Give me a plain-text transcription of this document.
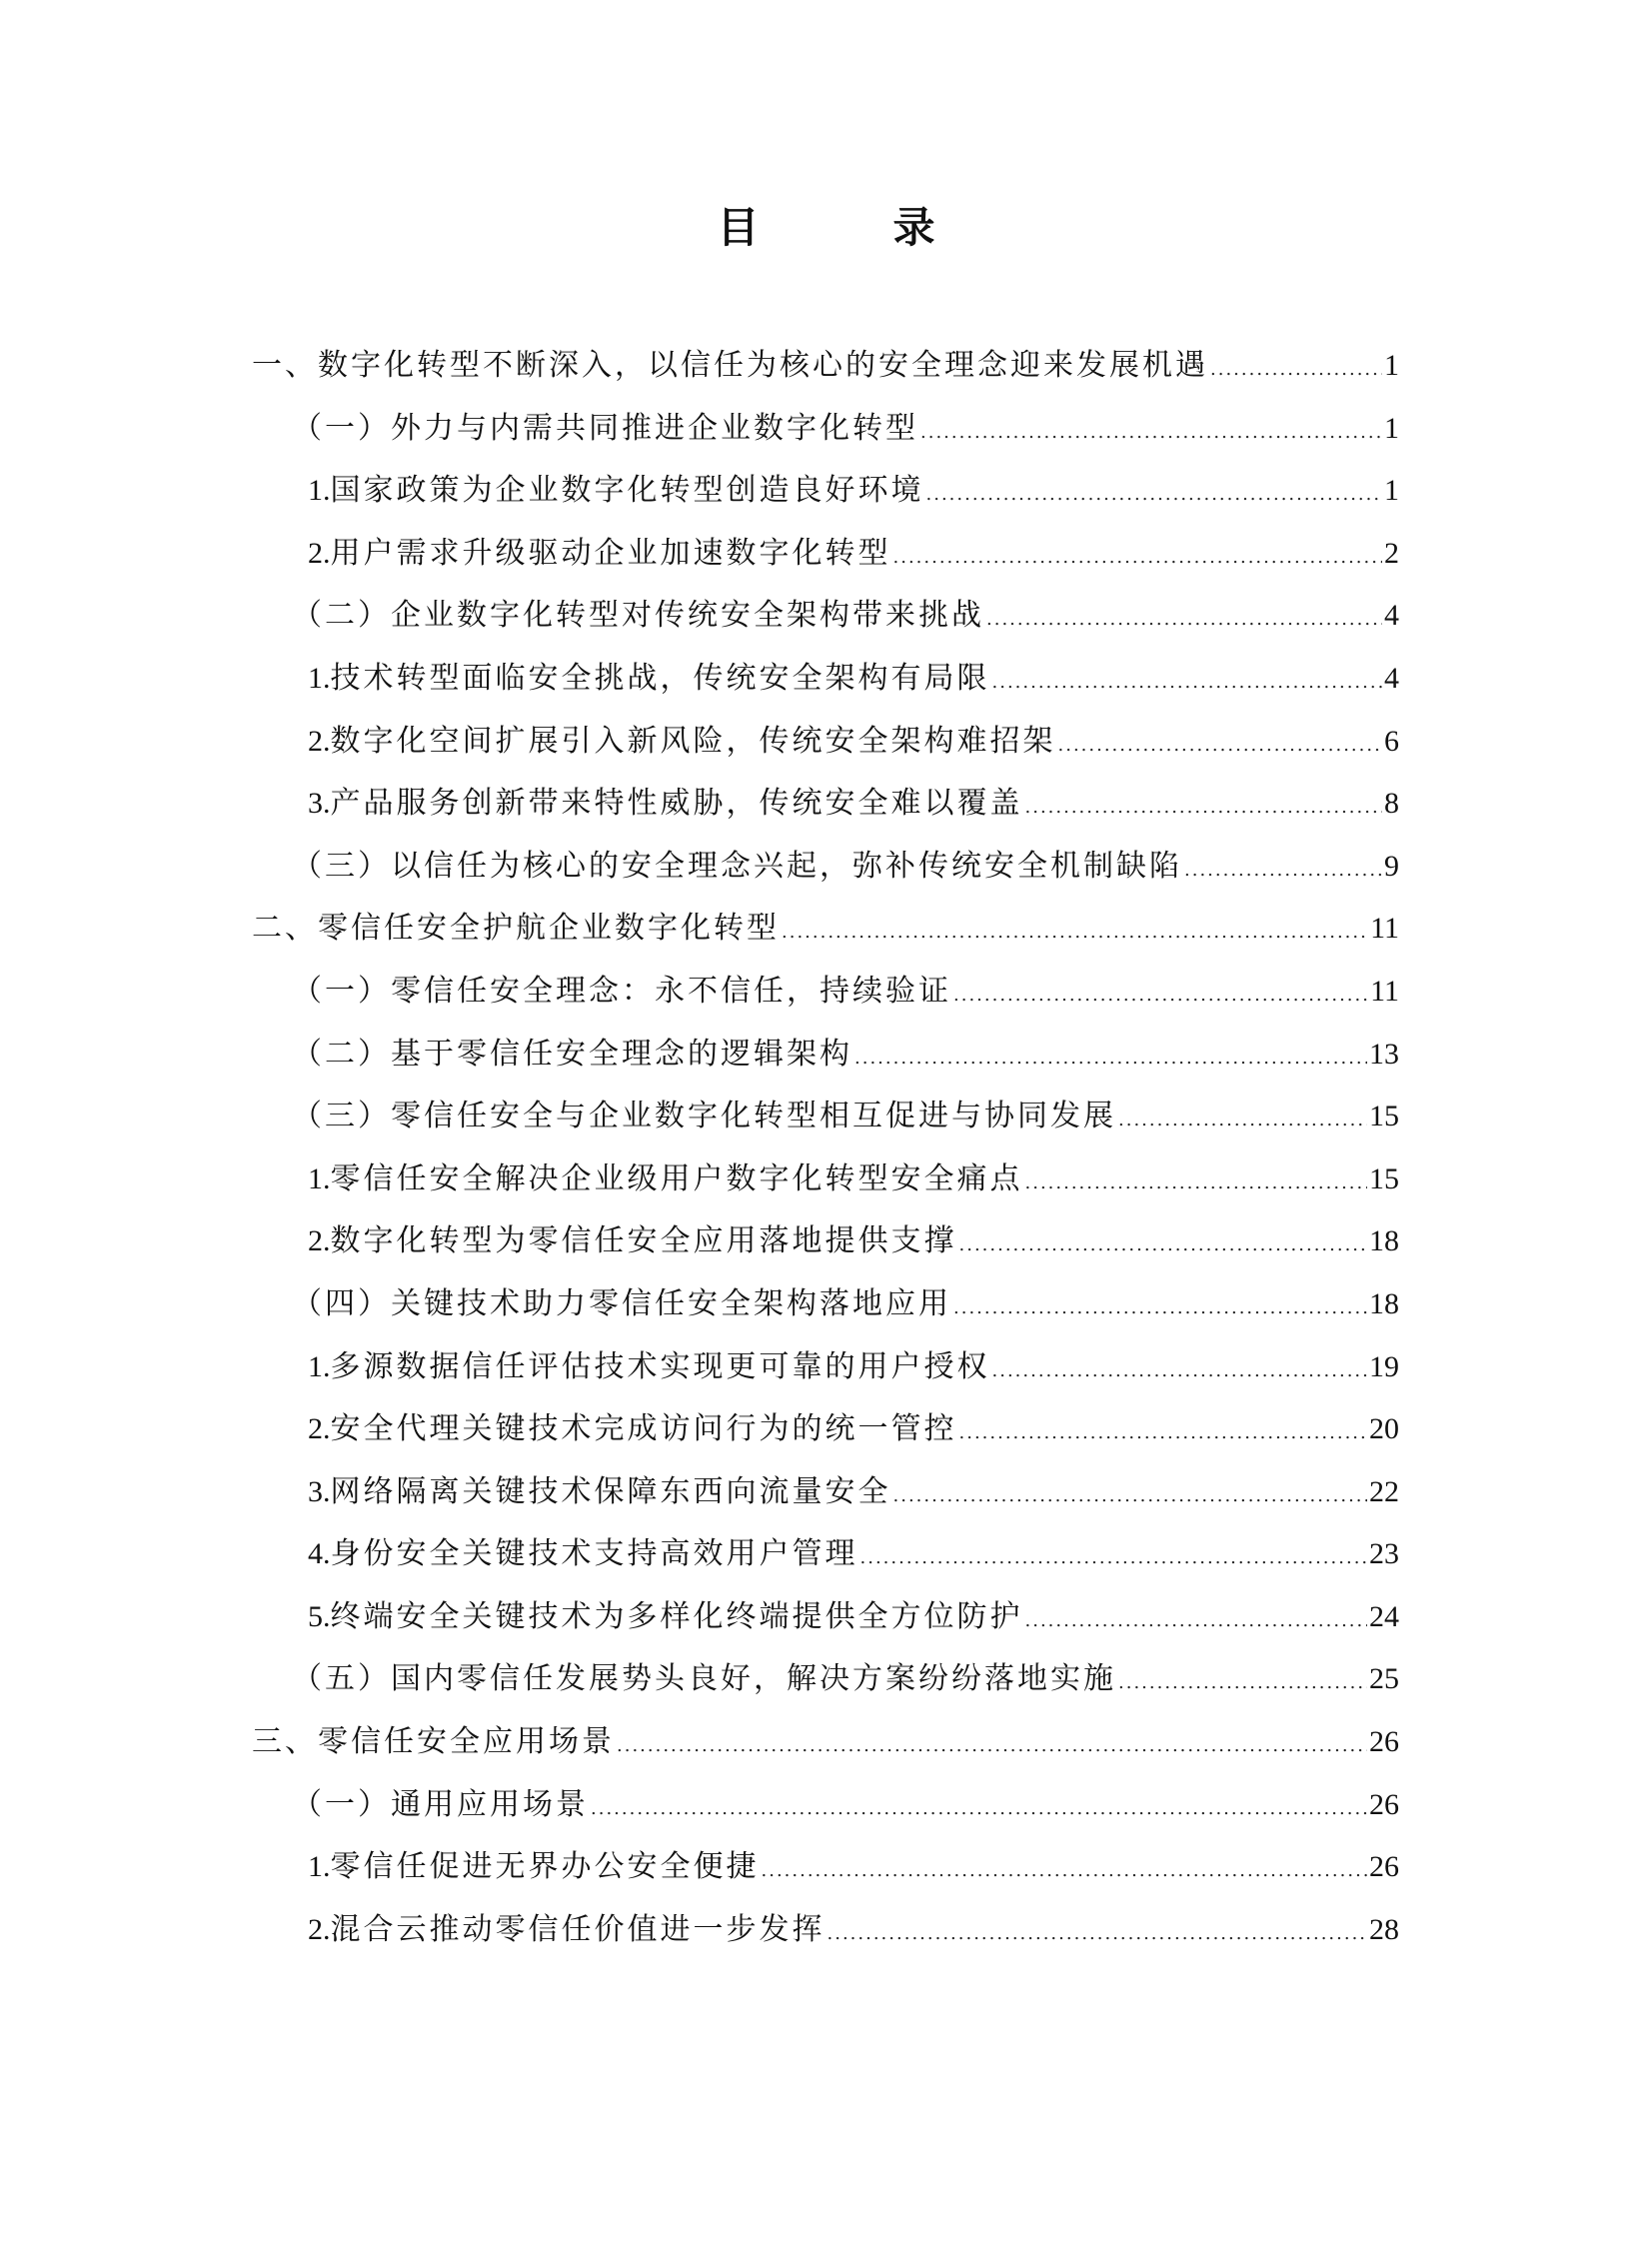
目　录
一、数字化转型不断深入，以信任为核心的安全理念迎来发展机遇 .....	1
（一）外力与内需共同推进企业数字化转型 .....	1
1. 国家政策为企业数字化转型创造良好环境 .....	1
2. 用户需求升级驱动企业加速数字化转型 .....	2
（二）企业数字化转型对传统安全架构带来挑战 .....	4
1. 技术转型面临安全挑战，传统安全架构有局限 .....	4
2. 数字化空间扩展引入新风险，传统安全架构难招架 .....	6
3. 产品服务创新带来特性威胁，传统安全难以覆盖 .....	8
（三）以信任为核心的安全理念兴起，弥补传统安全机制缺陷 .....	9
二、零信任安全护航企业数字化转型 .....	11
（一）零信任安全理念：永不信任，持续验证 .....	11
（二）基于零信任安全理念的逻辑架构 .....	13
（三）零信任安全与企业数字化转型相互促进与协同发展 .....	15
1. 零信任安全解决企业级用户数字化转型安全痛点 .....	15
2. 数字化转型为零信任安全应用落地提供支撑 .....	18
（四）关键技术助力零信任安全架构落地应用 .....	18
1. 多源数据信任评估技术实现更可靠的用户授权 .....	19
2. 安全代理关键技术完成访问行为的统一管控 .....	20
3. 网络隔离关键技术保障东西向流量安全 .....	22
4. 身份安全关键技术支持高效用户管理 .....	23
5. 终端安全关键技术为多样化终端提供全方位防护 .....	24
（五）国内零信任发展势头良好，解决方案纷纷落地实施 .....	25
三、零信任安全应用场景 .....	26
（一）通用应用场景 .....	26
1. 零信任促进无界办公安全便捷 .....	26
2. 混合云推动零信任价值进一步发挥 .....	28
